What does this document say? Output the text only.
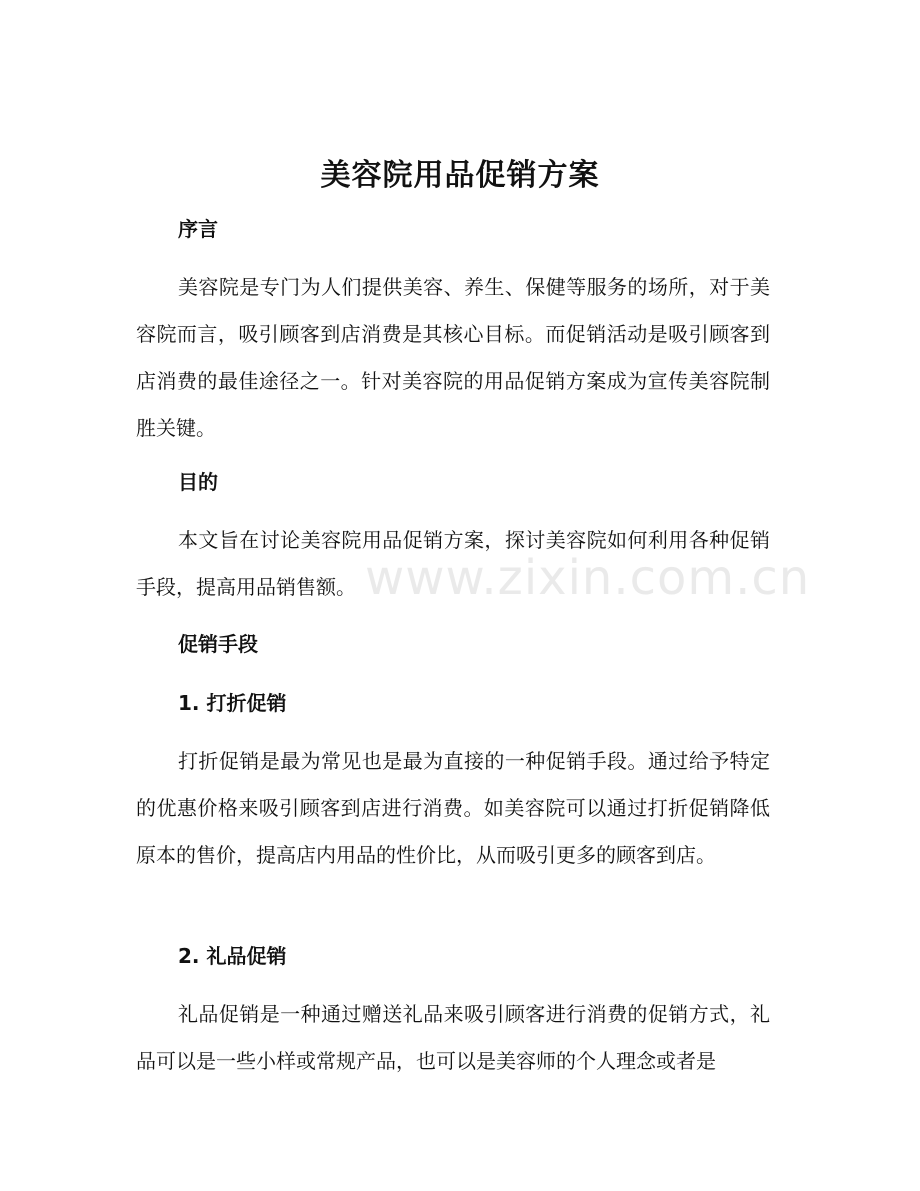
美容院用品促销方案
序言

美容院是专门为人们提供美容、养生、保健等服务的场所，对于美容院而言，吸引顾客到店消费是其核心目标。而促销活动是吸引顾客到店消费的最佳途径之一。针对美容院的用品促销方案成为宣传美容院制胜关键。

目的

本文旨在讨论美容院用品促销方案，探讨美容院如何利用各种促销手段，提高用品销售额。

促销手段
1. 打折促销

打折促销是最为常见也是最为直接的一种促销手段。通过给予特定的优惠价格来吸引顾客到店进行消费。如美容院可以通过打折促销降低原本的售价，提高店内用品的性价比，从而吸引更多的顾客到店。

2. 礼品促销

礼品促销是一种通过赠送礼品来吸引顾客进行消费的促销方式，礼品可以是一些小样或常规产品，也可以是美容师的个人理念或者是

www.zixin.com.cn
